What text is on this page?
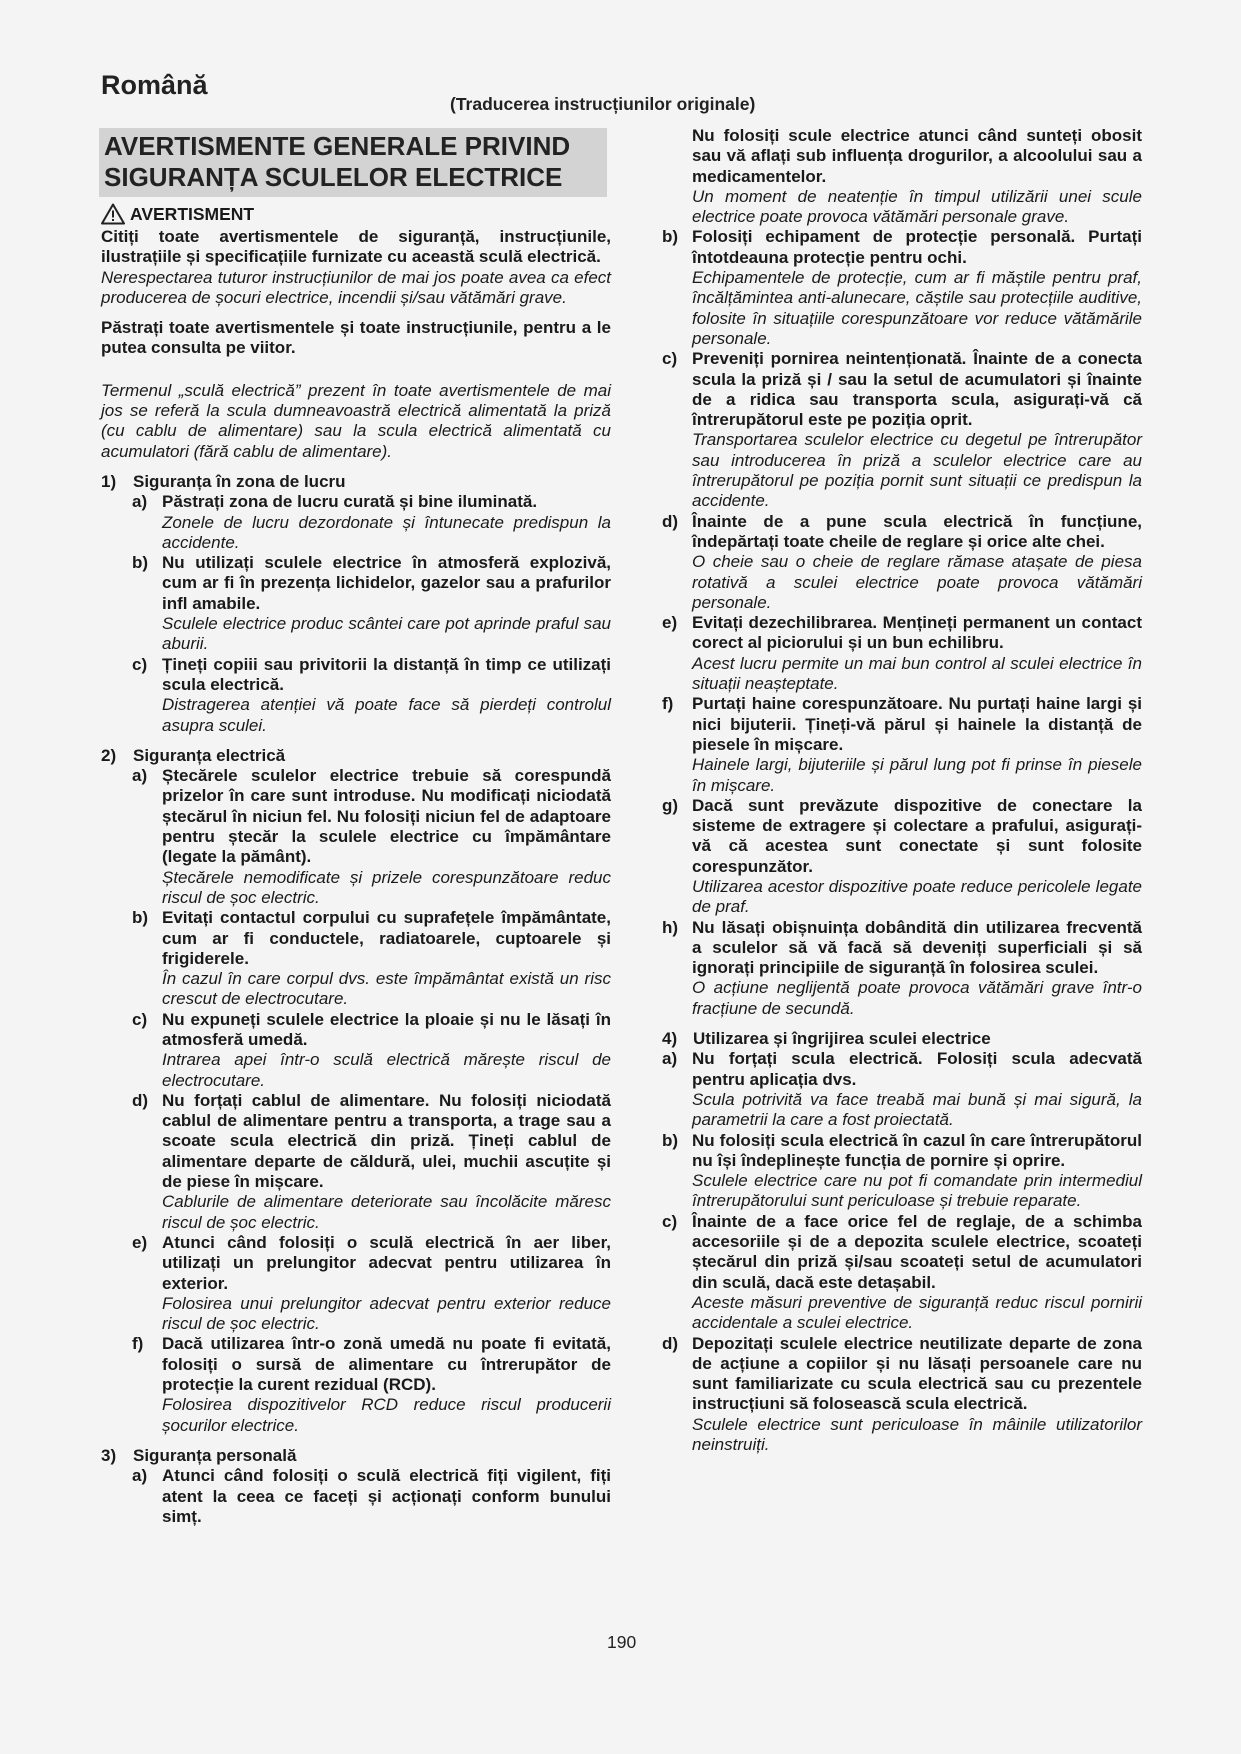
Română
(Traducerea instrucțiunilor originale)
AVERTISMENTE GENERALE PRIVIND SIGURANȚA SCULELOR ELECTRICE
AVERTISMENT

Citiți toate avertismentele de siguranță, instrucțiunile, ilustrațiile și specificațiile furnizate cu această sculă electrică.

Nerespectarea tuturor instrucțiunilor de mai jos poate avea ca efect producerea de șocuri electrice, incendii și/sau vătămări grave.

Păstrați toate avertismentele și toate instrucțiunile, pentru a le putea consulta pe viitor.

Termenul „sculă electrică” prezent în toate avertismentele de mai jos se referă la scula dumneavoastră electrică alimentată la priză (cu cablu de alimentare) sau la scula electrică alimentată cu acumulatori (fără cablu de alimentare).

1) Siguranța în zona de lucru
a) Păstrați zona de lucru curată și bine iluminată.

Zonele de lucru dezordonate și întunecate predispun la accidente.

b) Nu utilizați sculele electrice în atmosferă explozivă, cum ar fi în prezența lichidelor, gazelor sau a prafurilor infl amabile.

Sculele electrice produc scântei care pot aprinde praful sau aburii.

c) Țineți copiii sau privitorii la distanță în timp ce utilizați scula electrică.

Distragerea atenției vă poate face să pierdeți controlul asupra sculei.

2) Siguranța electrică
a) Ștecărele sculelor electrice trebuie să corespundă prizelor în care sunt introduse. Nu modificați niciodată ștecărul în niciun fel. Nu folosiți niciun fel de adaptoare pentru ștecăr la sculele electrice cu împământare (legate la pământ).

Ștecărele nemodificate și prizele corespunzătoare reduc riscul de șoc electric.

b) Evitați contactul corpului cu suprafețele împământate, cum ar fi conductele, radiatoarele, cuptoarele și frigiderele.

În cazul în care corpul dvs. este împământat există un risc crescut de electrocutare.

c) Nu expuneți sculele electrice la ploaie și nu le lăsați în atmosferă umedă.

Intrarea apei într-o sculă electrică mărește riscul de electrocutare.

d) Nu forțați cablul de alimentare. Nu folosiți niciodată cablul de alimentare pentru a transporta, a trage sau a scoate scula electrică din priză. Țineți cablul de alimentare departe de căldură, ulei, muchii ascuțite și de piese în mișcare.

Cablurile de alimentare deteriorate sau încolăcite măresc riscul de șoc electric.

e) Atunci când folosiți o sculă electrică în aer liber, utilizați un prelungitor adecvat pentru utilizarea în exterior.

Folosirea unui prelungitor adecvat pentru exterior reduce riscul de șoc electric.

f)	Dacă utilizarea într-o zonă umedă nu poate fi evitată, folosiți o sursă de alimentare cu întrerupător de protecție la curent rezidual (RCD).

Folosirea dispozitivelor RCD reduce riscul producerii șocurilor electrice.

3) Siguranța personală
a) Atunci când folosiți o sculă electrică fiți vigilent, fiți atent la ceea ce faceți și acționați conform bunului simț.

Nu folosiți scule electrice atunci când sunteți obosit sau vă aflați sub influența drogurilor, a alcoolului sau a medicamentelor.

Un moment de neatenție în timpul utilizării unei scule electrice poate provoca vătămări personale grave.

b) Folosiți echipament de protecție personală. Purtați întotdeauna protecție pentru ochi.

Echipamentele de protecție, cum ar fi măștile pentru praf, încălțămintea anti-alunecare, căștile sau protecțiile auditive, folosite în situațiile corespunzătoare vor reduce vătămările personale.

c) Preveniți pornirea neintenționată. Înainte de a conecta scula la priză și / sau la setul de acumulatori și înainte de a ridica sau transporta scula, asigurați-vă că întrerupătorul este pe poziția oprit.

Transportarea sculelor electrice cu degetul pe întrerupător sau introducerea în priză a sculelor electrice care au întrerupătorul pe poziția pornit sunt situații ce predispun la accidente.

d) Înainte de a pune scula electrică în funcțiune, îndepărtați toate cheile de reglare și orice alte chei.

O cheie sau o cheie de reglare rămase atașate de piesa rotativă a sculei electrice poate provoca vătămări personale.

e) Evitați dezechilibrarea. Mențineți permanent un contact corect al piciorului și un bun echilibru.

Acest lucru permite un mai bun control al sculei electrice în situații neașteptate.

f)	Purtați haine corespunzătoare. Nu purtați haine largi și nici bijuterii. Țineți-vă părul și hainele la distanță de piesele în mișcare.

Hainele largi, bijuteriile și părul lung pot fi prinse în piesele în mișcare.

g) Dacă sunt prevăzute dispozitive de conectare la sisteme de extragere și colectare a prafului, asigurați-vă că acestea sunt conectate și sunt folosite corespunzător.

Utilizarea acestor dispozitive poate reduce pericolele legate de praf.

h) Nu lăsați obișnuința dobândită din utilizarea frecventă a sculelor să vă facă să deveniți superficiali și să ignorați principiile de siguranță în folosirea sculei.

O acțiune neglijentă poate provoca vătămări grave într-o fracțiune de secundă.

4) Utilizarea și îngrijirea sculei electrice
a) Nu forțați scula electrică. Folosiți scula adecvată pentru aplicația dvs.

Scula potrivită va face treabă mai bună și mai sigură, la parametrii la care a fost proiectată.

b) Nu folosiți scula electrică în cazul în care întrerupătorul nu își îndeplinește funcția de pornire și oprire.

Sculele electrice care nu pot fi comandate prin intermediul întrerupătorului sunt periculoase și trebuie reparate.

c) Înainte de a face orice fel de reglaje, de a schimba accesoriile și de a depozita sculele electrice, scoateți ștecărul din priză și/sau scoateți setul de acumulatori din sculă, dacă este detașabil.

Aceste măsuri preventive de siguranță reduc riscul pornirii accidentale a sculei electrice.

d) Depozitați sculele electrice neutilizate departe de zona de acțiune a copiilor și nu lăsați persoanele care nu sunt familiarizate cu scula electrică sau cu prezentele instrucțiuni să folosească scula electrică.

Sculele electrice sunt periculoase în mâinile utilizatorilor neinstruiți.

190
